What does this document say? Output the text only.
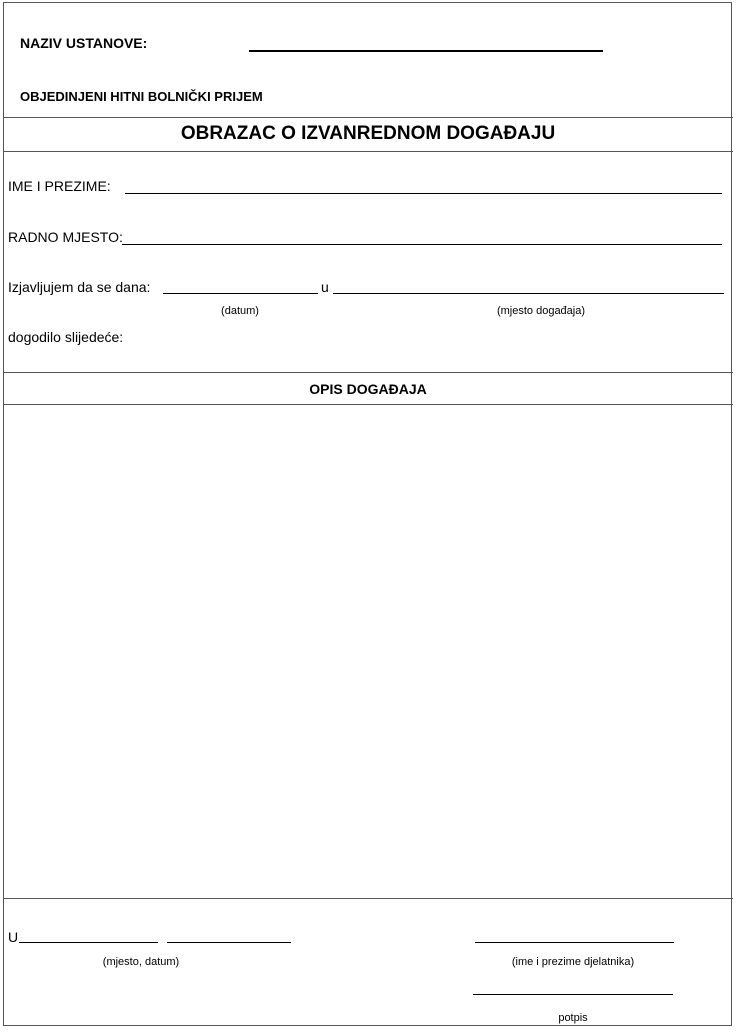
NAZIV USTANOVE:
OBJEDINJENI HITNI BOLNIČKI PRIJEM
OBRAZAC O IZVANREDNOM DOGAĐAJU
IME I PREZIME:
RADNO MJESTO:
Izjavljujem da se dana:	u
(datum)	(mjesto događaja)
dogodilo slijedeće:
OPIS DOGAĐAJA
U
(mjesto, datum)	(ime i prezime djelatnika)
potpis
